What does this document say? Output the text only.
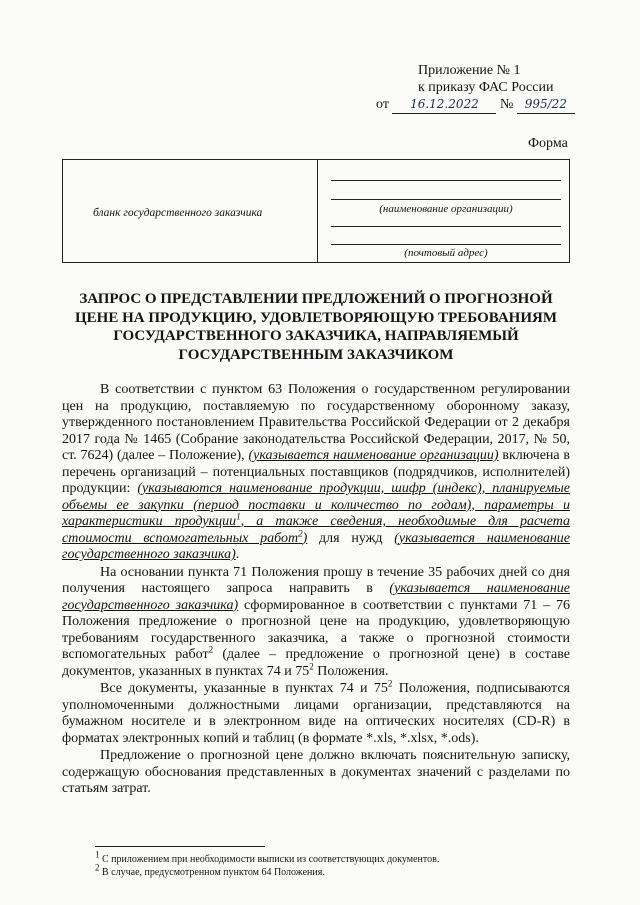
Приложение № 1
к приказу ФАС России
от 16.12.2022 № 995/22
Форма
бланк государственного заказчика	(наименование организации)
(почтовый адрес)
ЗАПРОС О ПРЕДСТАВЛЕНИИ ПРЕДЛОЖЕНИЙ О ПРОГНОЗНОЙ ЦЕНЕ НА ПРОДУКЦИЮ, УДОВЛЕТВОРЯЮЩУЮ ТРЕБОВАНИЯМ ГОСУДАРСТВЕННОГО ЗАКАЗЧИКА, НАПРАВЛЯЕМЫЙ ГОСУДАРСТВЕННЫМ ЗАКАЗЧИКОМ

В соответствии с пунктом 63 Положения о государственном регулировании цен на продукцию, поставляемую по государственному оборонному заказу, утвержденного постановлением Правительства Российской Федерации от 2 декабря 2017 года № 1465 (Собрание законодательства Российской Федерации, 2017, № 50, ст. 7624) (далее – Положение), (указывается наименование организации) включена в перечень организаций – потенциальных поставщиков (подрядчиков, исполнителей) продукции: (указываются наименование продукции, шифр (индекс), планируемые объемы ее закупки (период поставки и количество по годам), параметры и характеристики продукции$^1$, а также сведения, необходимые для расчета стоимости вспомогательных работ$^2$) для нужд (указывается наименование государственного заказчика).

На основании пункта 71 Положения прошу в течение 35 рабочих дней со дня получения настоящего запроса направить в (указывается наименование государственного заказчика) сформированное в соответствии с пунктами 71 – 76 Положения предложение о прогнозной цене на продукцию, удовлетворяющую требованиям государственного заказчика, а также о прогнозной стоимости вспомогательных работ$^2$ (далее – предложение о прогнозной цене) в составе документов, указанных в пунктах 74 и $75^2$ Положения.

Все документы, указанные в пунктах 74 и $75^2$ Положения, подписываются уполномоченными должностными лицами организации, представляются на бумажном носителе и в электронном виде на оптических носителях (CD-R) в форматах электронных копий и таблиц (в формате *.xls, *.xlsx, *.ods).

Предложение о прогнозной цене должно включать пояснительную записку, содержащую обоснования представленных в документах значений с разделами по статьям затрат.

$^1$ С приложением при необходимости выписки из соответствующих документов.
$^2$ В случае, предусмотренном пунктом 64 Положения.
